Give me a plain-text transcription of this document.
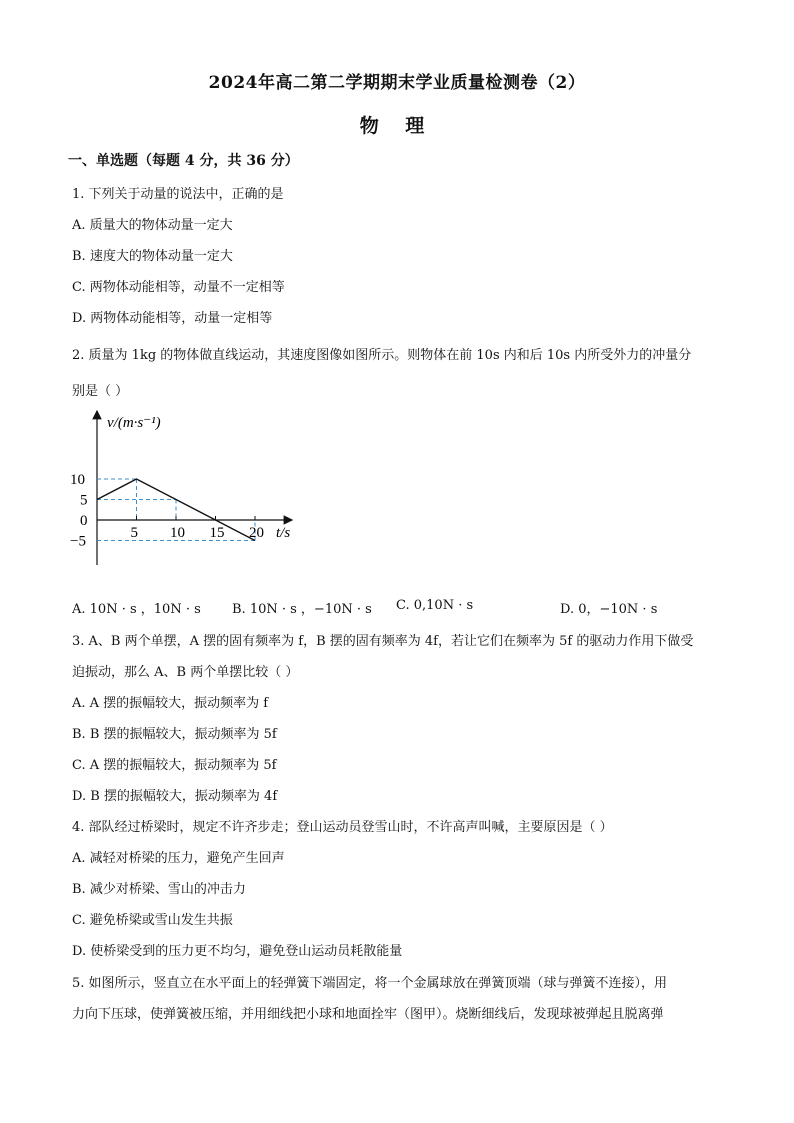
2024年高二第二学期期末学业质量检测卷（2）
物 理
一、单选题（每题 4 分，共 36 分）
1. 下列关于动量的说法中，正确的是
A. 质量大的物体动量一定大
B. 速度大的物体动量一定大
C. 两物体动能相等，动量不一定相等
D. 两物体动能相等，动量一定相等
2. 质量为 1kg 的物体做直线运动，其速度图像如图所示。则物体在前 10s 内和后 10s 内所受外力的冲量分
别是（ ）
v/(m·s⁻¹)
t/s
5 10 15 20
10
5
0
−5
A. 10N · s ，10N · s B. 10N · s ，−10N · s C. 0,10N · s	D. 0，−10N · s
3. A、B 两个单摆，A 摆的固有频率为 f，B 摆的固有频率为 4f，若让它们在频率为 5f 的驱动力作用下做受
迫振动，那么 A、B 两个单摆比较（ ）
A. A 摆的振幅较大，振动频率为 f
B. B 摆的振幅较大，振动频率为 5f
C. A 摆的振幅较大，振动频率为 5f
D. B 摆的振幅较大，振动频率为 4f
4. 部队经过桥梁时，规定不许齐步走；登山运动员登雪山时，不许高声叫喊，主要原因是（ ）
A. 减轻对桥梁的压力，避免产生回声
B. 减少对桥梁、雪山的冲击力
C. 避免桥梁或雪山发生共振
D. 使桥梁受到的压力更不均匀，避免登山运动员耗散能量
5. 如图所示，竖直立在水平面上的轻弹簧下端固定，将一个金属球放在弹簧顶端（球与弹簧不连接），用
力向下压球，使弹簧被压缩，并用细线把小球和地面拴牢（图甲）。烧断细线后，发现球被弹起且脱离弹
